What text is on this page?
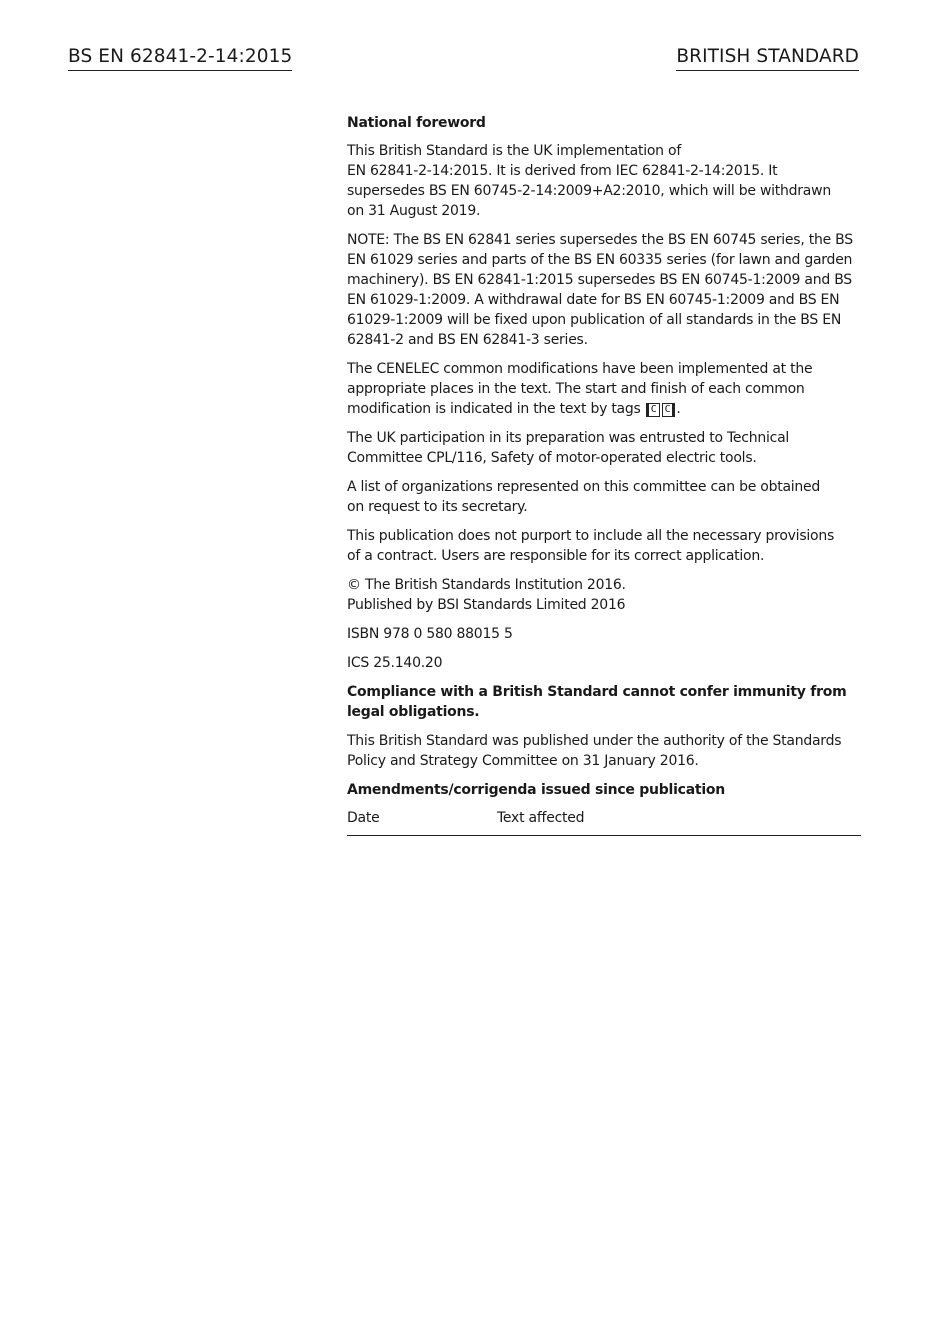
BS EN 62841-2-14:2015	BRITISH STANDARD

National foreword

This British Standard is the UK implementation of
EN 62841-2-14:2015. It is derived from IEC 62841-2-14:2015. It
supersedes BS EN 60745-2-14:2009+A2:2010, which will be withdrawn
on 31 August 2019.

NOTE: The BS EN 62841 series supersedes the BS EN 60745 series, the BS
EN 61029 series and parts of the BS EN 60335 series (for lawn and garden
machinery). BS EN 62841-1:2015 supersedes BS EN 60745-1:2009 and BS
EN 61029-1:2009. A withdrawal date for BS EN 60745-1:2009 and BS EN
61029-1:2009 will be fixed upon publication of all standards in the BS EN
62841-2 and BS EN 62841-3 series.

The CENELEC common modifications have been implemented at the
appropriate places in the text. The start and finish of each common
modification is indicated in the text by tags C C .

The UK participation in its preparation was entrusted to Technical
Committee CPL/116, Safety of motor-operated electric tools.

A list of organizations represented on this committee can be obtained
on request to its secretary.

This publication does not purport to include all the necessary provisions
of a contract. Users are responsible for its correct application.

© The British Standards Institution 2016.
Published by BSI Standards Limited 2016

ISBN 978 0 580 88015 5

ICS 25.140.20

Compliance with a British Standard cannot confer immunity from
legal obligations.

This British Standard was published under the authority of the Standards
Policy and Strategy Committee on 31 January 2016.

Amendments/corrigenda issued since publication

Date	Text affected
